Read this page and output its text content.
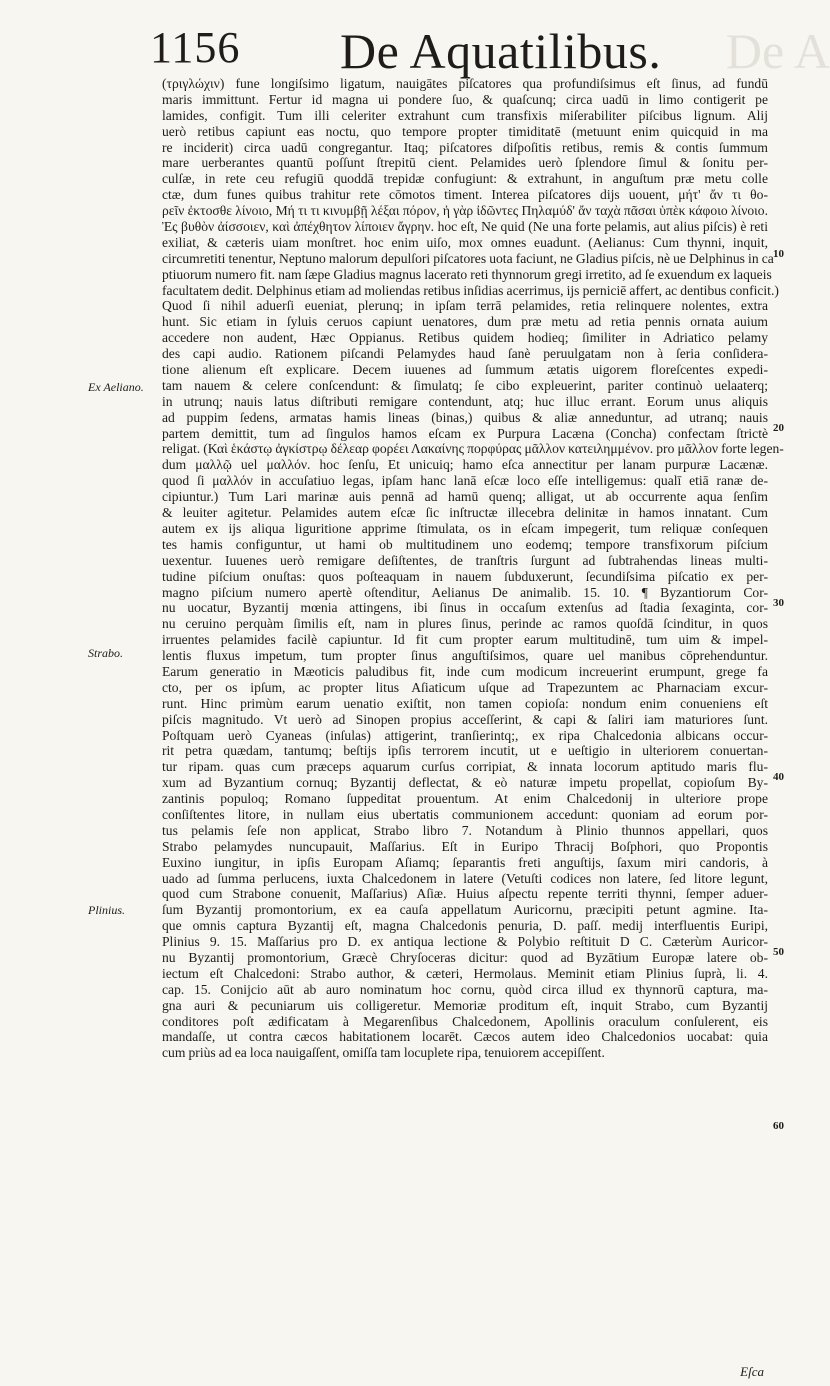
De A
1156 De Aquatilibus.
Ex Aeliano.
Strabo.
Plinius.
10
20
30
40
50
60
(τριγλώχιν) fune longiſsimo ligatum, nauigātes piſcatores qua profundiſsimus eſt ſinus, ad fundū
maris immittunt. Fertur id magna ui pondere ſuo, & quaſcunq; circa uadū in limo contigerit pe
lamides, configit. Tum illi celeriter extrahunt cum transfixis miſerabiliter piſcibus lignum. Alij
uerò retibus capiunt eas noctu, quo tempore propter timiditatē (metuunt enim quicquid in ma
re inciderit) circa uadū congregantur. Itaq; piſcatores diſpoſitis retibus, remis & contis ſummum
mare uerberantes quantū poſſunt ſtrepitū cient. Pelamides uerò ſplendore ſimul & ſonitu per-
culſæ, in rete ceu refugiū quoddā trepidæ confugiunt: & extrahunt, in anguſtum præ metu colle
ctæ, dum funes quibus trahitur rete cōmotos timent. Interea piſcatores dijs uouent, μήτ' ἄν τι θο-
ρεῖν ἐκτοσθε λίνοιο, Μή τι τι κινυμβῇ λέξαι πόρον, ἠ γὰρ ἰδῶντες Πηλαμύδ' ἄν ταχὰ πᾶσαι ὑπὲκ κάφοιο λίνοιο.
Ἐς βυθὸν ἀίσσοιεν, καὶ ἀπέχθητον λίποιεν ἄγρην. hoc eſt, Ne quid (Ne una forte pelamis, aut alius piſcis) è reti
exiliat, & cæteris uiam monſtret. hoc enim uiſo, mox omnes euadunt. (Aelianus: Cum thynni, inquit,
circumretiti tenentur, Neptuno malorum depulſori piſcatores uota faciunt, ne Gladius piſcis, nè ue Delphinus in ca
ptiuorum numero fit. nam ſæpe Gladius magnus lacerato reti thynnorum gregi irretito, ad ſe exuendum ex laqueis
facultatem dedit. Delphinus etiam ad moliendas retibus inſidias acerrimus, ijs perniciē affert, ac dentibus conficit.)
Quod ſi nihil aduerſi eueniat, plerunq; in ipſam terrā pelamides, retia relinquere nolentes, extra
hunt. Sic etiam in ſyluis ceruos capiunt uenatores, dum præ metu ad retia pennis ornata auium
accedere non audent, Hæc Oppianus. Retibus quidem hodieq; ſimiliter in Adriatico pelamy
des capi audio. Rationem piſcandi Pelamydes haud ſanè peruulgatam non à ſeria conſidera-
tione alienum eſt explicare. Decem iuuenes ad ſummum ætatis uigorem floreſcentes expedi-
tam nauem & celere conſcendunt: & ſimulatq; ſe cibo expleuerint, pariter continuò uelaaterq;
in utrunq; nauis latus diſtributi remigare contendunt, atq; huc illuc errant. Eorum unus aliquis
ad puppim ſedens, armatas hamis lineas (binas,) quibus & aliæ anneduntur, ad utranq; nauis
partem demittit, tum ad ſingulos hamos eſcam ex Purpura Lacæna (Concha) confectam ſtrictè
religat. (Καὶ ἑκάστῳ ἀγκίστρῳ δέλεαρ φορέει Λακαίνης πορφύρας μᾶλλον κατειλημμένον. pro μᾶλλον forte legen-
dum μαλλῷ uel μαλλόν. hoc ſenſu, Et unicuiq; hamo eſca annectitur per lanam purpuræ Lacænæ.
quod ſi μαλλόν in accuſatiuo legas, ipſam hanc lanā eſcæ loco eſſe intelligemus: qualī etiā ranæ de-
cipiuntur.) Tum Lari marinæ auis pennā ad hamū quenq; alligat, ut ab occurrente aqua ſenſim
& leuiter agitetur. Pelamides autem eſcæ ſic inſtructæ illecebra delinitæ in hamos innatant. Cum
autem ex ijs aliqua liguritione apprime ſtimulata, os in eſcam impegerit, tum reliquæ conſequen
tes hamis configuntur, ut hami ob multitudinem uno eodemq; tempore transfixorum piſcium
uexentur. Iuuenes uerò remigare deſiſtentes, de tranſtris ſurgunt ad ſubtrahendas lineas multi-
tudine piſcium onuſtas: quos poſteaquam in nauem ſubduxerunt, ſecundiſsima piſcatio ex per-
magno piſcium numero apertè oſtenditur, Aelianus De animalib. 15. 10. ¶ Byzantiorum Cor-
nu uocatur, Byzantij mœnia attingens, ibi ſinus in occaſum extenſus ad ſtadia ſexaginta, cor-
nu ceruino perquàm ſimilis eſt, nam in plures ſinus, perinde ac ramos quoſdā ſcinditur, in quos
irruentes pelamides facilè capiuntur. Id fit cum propter earum multitudinē, tum uim & impel-
lentis fluxus impetum, tum propter ſinus anguſtiſsimos, quare uel manibus cōprehenduntur.
Earum generatio in Mæoticis paludibus fit, inde cum modicum increuerint erumpunt, grege fa
cto, per os ipſum, ac propter litus Aſiaticum uſque ad Trapezuntem ac Pharnaciam excur-
runt. Hinc primùm earum uenatio exiſtit, non tamen copioſa: nondum enim conueniens eſt
piſcis magnitudo. Vt uerò ad Sinopen propius acceſſerint, & capi & ſaliri iam maturiores ſunt.
Poſtquam uerò Cyaneas (inſulas) attigerint, tranſierintq;, ex ripa Chalcedonia albicans occur-
rit petra quædam, tantumq; beſtijs ipſis terrorem incutit, ut e ueſtigio in ulteriorem conuertan-
tur ripam. quas cum præceps aquarum curſus corripiat, & innata locorum aptitudo maris flu-
xum ad Byzantium cornuq; Byzantij deflectat, & eò naturæ impetu propellat, copioſum By-
zantinis populoq; Romano ſuppeditat prouentum. At enim Chalcedonij in ulteriore prope
conſiſtentes litore, in nullam eius ubertatis communionem accedunt: quoniam ad eorum por-
tus pelamis ſeſe non applicat, Strabo libro 7. Notandum à Plinio thunnos appellari, quos
Strabo pelamydes nuncupauit, Maſſarius. Eſt in Euripo Thracij Boſphori, quo Propontis
Euxino iungitur, in ipſis Europam Aſiamq; ſeparantis freti anguſtijs, ſaxum miri candoris, à
uado ad ſumma perlucens, iuxta Chalcedonem in latere (Vetuſti codices non latere, ſed litore legunt,
quod cum Strabone conuenit, Maſſarius) Aſiæ. Huius aſpectu repente territi thynni, ſemper aduer-
ſum Byzantij promontorium, ex ea cauſa appellatum Auricornu, præcipiti petunt agmine. Ita-
que omnis captura Byzantij eſt, magna Chalcedonis penuria, D. paſſ. medij interfluentis Euripi,
Plinius 9. 15. Maſſarius pro D. ex antiqua lectione & Polybio reſtituit D C. Cæterùm Auricor-
nu Byzantij promontorium, Græcè Chryſoceras dicitur: quod ad Byzātium Europæ latere ob-
iectum eſt Chalcedoni: Strabo author, & cæteri, Hermolaus. Meminit etiam Plinius ſuprà, li. 4.
cap. 15. Conijcio aūt ab auro nominatum hoc cornu, quòd circa illud ex thynnorū captura, ma-
gna auri & pecuniarum uis colligeretur. Memoriæ proditum eſt, inquit Strabo, cum Byzantij
conditores poſt ædificatam à Megarenſibus Chalcedonem, Apollinis oraculum conſulerent, eis
mandaſſe, ut contra cæcos habitationem locarēt. Cæcos autem ideo Chalcedonios uocabat: quia
cum priùs ad ea loca nauigaſſent, omiſſa tam locuplete ripa, tenuiorem accepiſſent.
Eſca
